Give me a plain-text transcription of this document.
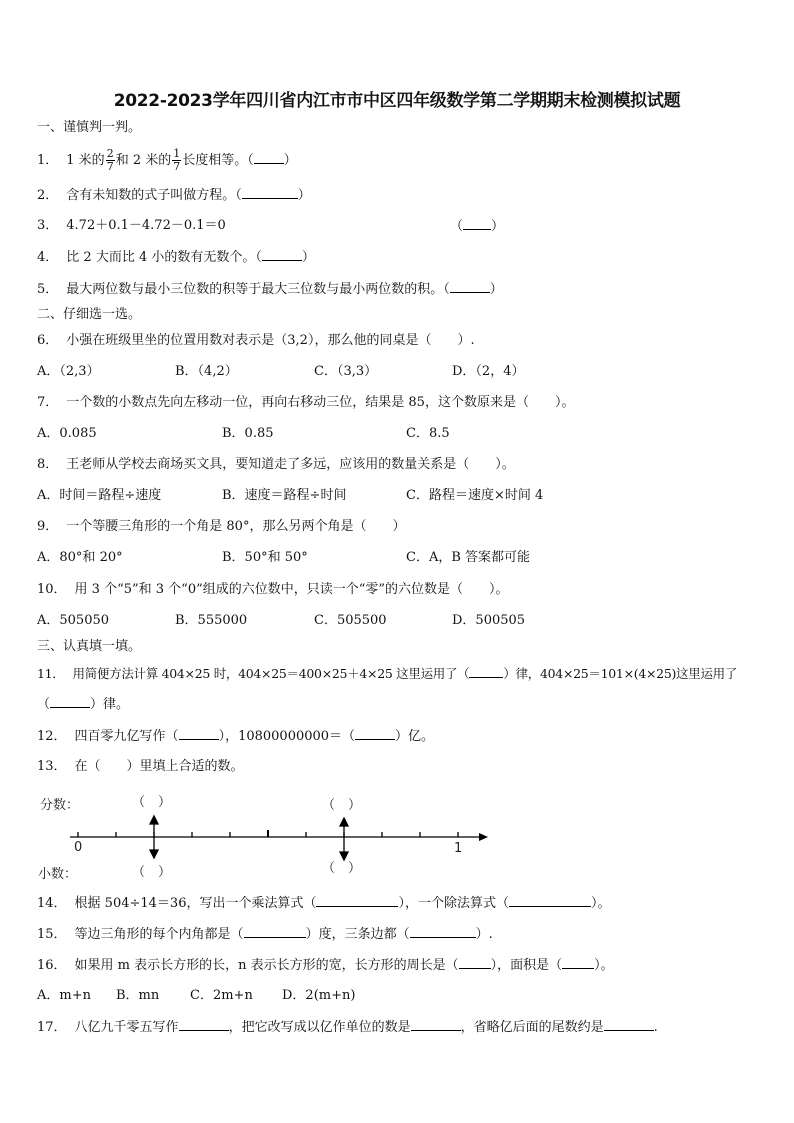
2022-2023学年四川省内江市市中区四年级数学第二学期期末检测模拟试题
一、谨慎判一判。
1． 1 米的 $\frac{2}{7}$ 和 2 米的 $\frac{1}{7}$ 长度相等。（ ）
2． 含有未知数的式子叫做方程。（	）
3． 4.72＋0.1－4.72－0.1＝0	（ ）
4． 比 2 大而比 4 小的数有无数个。（	）
5． 最大两位数与最小三位数的积等于最大三位数与最小两位数的积。（	）
二、仔细选一选。
6． 小强在班级里坐的位置用数对表示是（3,2），那么他的同桌是（　　）.
A．（2,3）	B．（4,2）	C．（3,3）	D．（2，4）
7． 一个数的小数点先向左移动一位，再向右移动三位，结果是 85，这个数原来是（　　）。
A．0.085	B．0.85	C．8.5
8． 王老师从学校去商场买文具，要知道走了多远，应该用的数量关系是（　　）。
A．时间＝路程÷速度	B．速度＝路程÷时间	C．路程＝速度×时间 4
9． 一个等腰三角形的一个角是 80°，那么另两个角是（　　）
A．80°和 20°	B．50°和 50°	C．A，B 答案都可能
10． 用 3 个“5”和 3 个“0”组成的六位数中，只读一个“零”的六位数是（　　）。
A．505050	B．555000	C．505500	D．500505
三、认真填一填。
11． 用简便方法计算 404×25 时，404×25＝400×25＋4×25 这里运用了（	）律，404×25＝101×(4×25)这里运用了
（	）律。
12． 四百零九亿写作（	），10800000000＝（	）亿。
13． 在（　　）里填上合适的数。
分数：
小数：
（　）	（　）
（　）	（　）
0	1
14． 根据 504÷14＝36，写出一个乘法算式（	），一个除法算式（	）。
15． 等边三角形的每个内角都是（	）度，三条边都（	）.
16． 如果用 m 表示长方形的长，n 表示长方形的宽，长方形的周长是（ ），面积是（ ）。
A．m+n B．mn C．2m+n D．2(m+n)
17． 八亿九千零五写作	，把它改写成以亿作单位的数是	，省略亿后面的尾数约是	.
